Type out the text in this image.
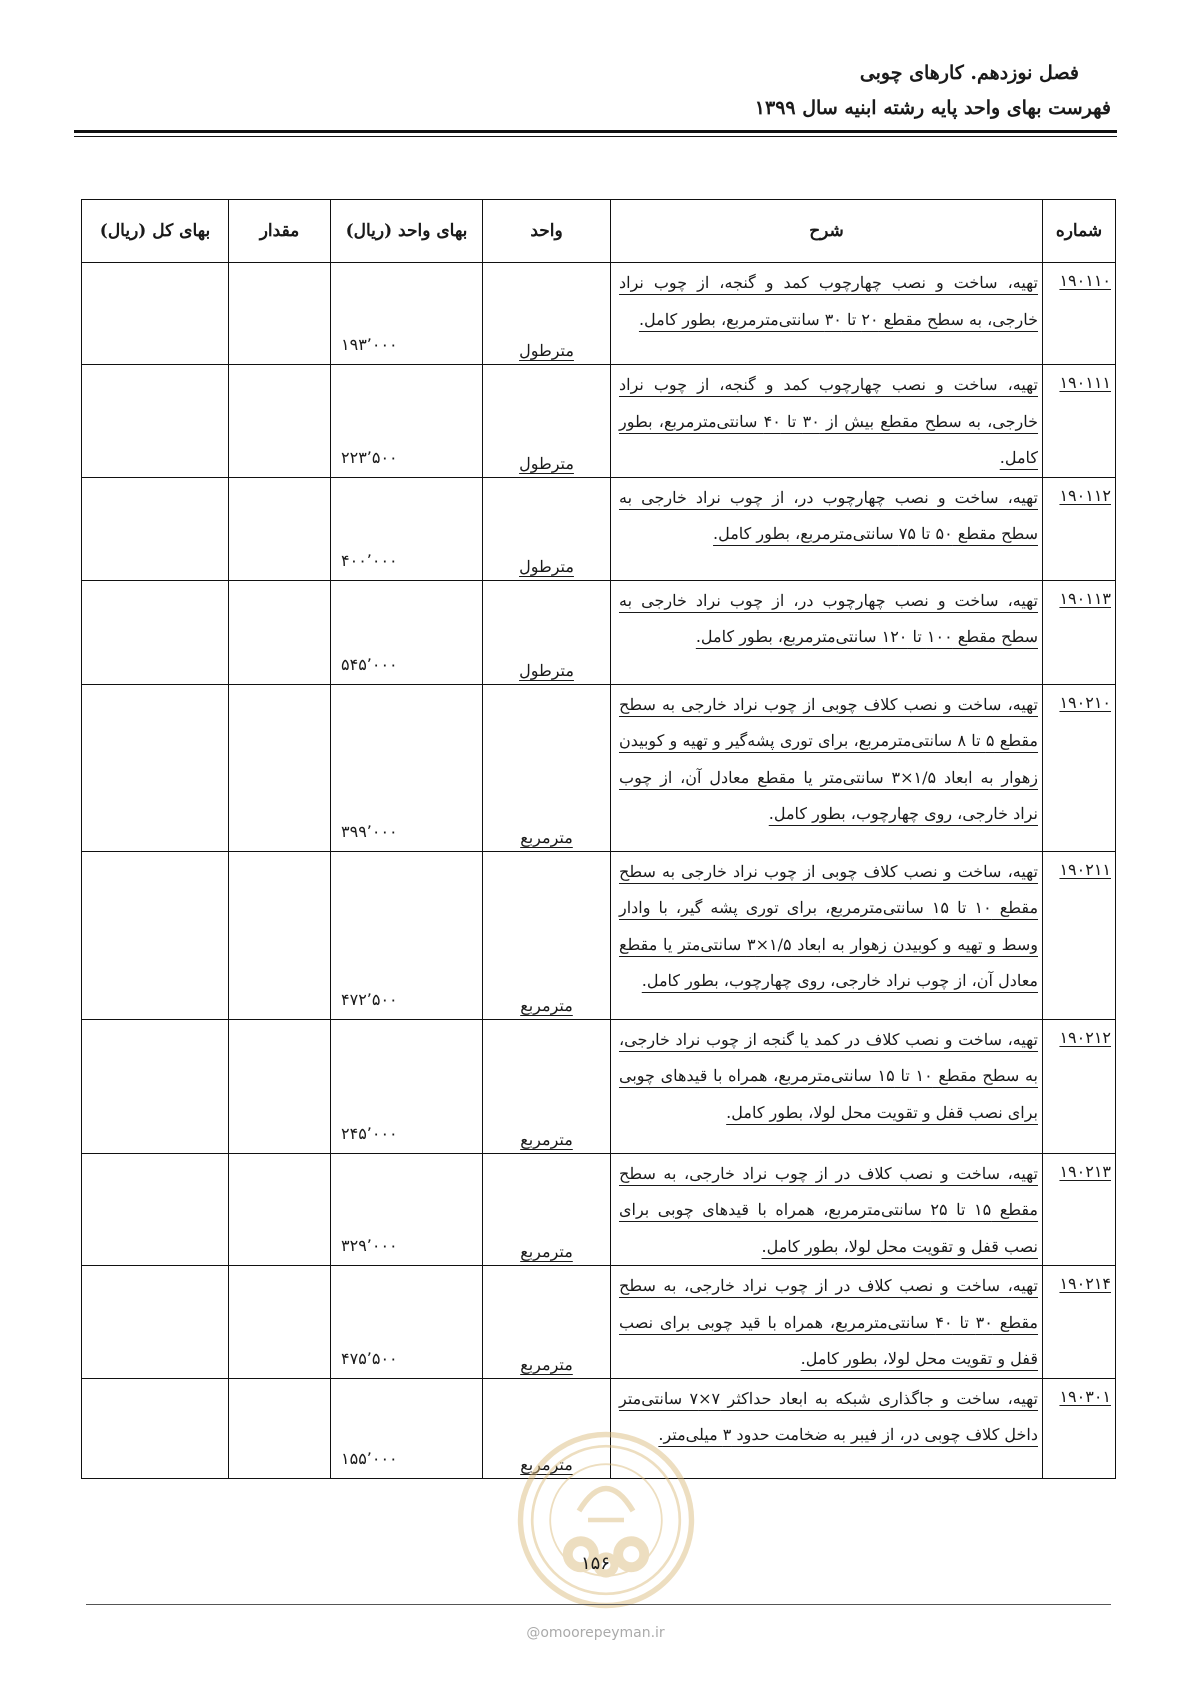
فصل نوزدهم. کارهای چوبی
فهرست بهای واحد پایه رشته ابنیه سال ۱۳۹۹
شماره	شرح	واحد	بهای واحد (ریال)	مقدار	بهای کل (ریال)
۱۹۰۱۱۰	تهیه، ساخت و نصب چهارچوب کمد و گنجه، از چوب نراد خارجی، به سطح مقطع ۲۰ تا ۳۰ سانتی‌مترمربع، بطور کامل.	مترطول	۱۹۳٬۰۰۰		
۱۹۰۱۱۱	تهیه، ساخت و نصب چهارچوب کمد و گنجه، از چوب نراد خارجی، به سطح مقطع بیش از ۳۰ تا ۴۰ سانتی‌مترمربع، بطور کامل.	مترطول	۲۲۳٬۵۰۰		
۱۹۰۱۱۲	تهیه، ساخت و نصب چهارچوب در، از چوب نراد خارجی به سطح مقطع ۵۰ تا ۷۵ سانتی‌مترمربع، بطور کامل.	مترطول	۴۰۰٬۰۰۰		
۱۹۰۱۱۳	تهیه، ساخت و نصب چهارچوب در، از چوب نراد خارجی به سطح مقطع ۱۰۰ تا ۱۲۰ سانتی‌مترمربع، بطور کامل.	مترطول	۵۴۵٬۰۰۰		
۱۹۰۲۱۰	تهیه، ساخت و نصب کلاف چوبی از چوب نراد خارجی به سطح مقطع ۵ تا ۸ سانتی‌مترمربع، برای توری پشه‌گیر و تهیه و کوبیدن زهوار به ابعاد ۱/۵×۳ سانتی‌متر یا مقطع معادل آن، از چوب نراد خارجی، روی چهارچوب، بطور کامل.	مترمربع	۳۹۹٬۰۰۰		
۱۹۰۲۱۱	تهیه، ساخت و نصب کلاف چوبی از چوب نراد خارجی به سطح مقطع ۱۰ تا ۱۵ سانتی‌مترمربع، برای توری پشه گیر، با وادار وسط و تهیه و کوبیدن زهوار به ابعاد ۱/۵×۳ سانتی‌متر یا مقطع معادل آن، از چوب نراد خارجی، روی چهارچوب، بطور کامل.	مترمربع	۴۷۲٬۵۰۰		
۱۹۰۲۱۲	تهیه، ساخت و نصب کلاف در کمد یا گنجه از چوب نراد خارجی، به سطح مقطع ۱۰ تا ۱۵ سانتی‌مترمربع، همراه با قیدهای چوبی برای نصب قفل و تقویت محل لولا، بطور کامل.	مترمربع	۲۴۵٬۰۰۰		
۱۹۰۲۱۳	تهیه، ساخت و نصب کلاف در از چوب نراد خارجی، به سطح مقطع ۱۵ تا ۲۵ سانتی‌مترمربع، همراه با قیدهای چوبی برای نصب قفل و تقویت محل لولا، بطور کامل.	مترمربع	۳۲۹٬۰۰۰		
۱۹۰۲۱۴	تهیه، ساخت و نصب کلاف در از چوب نراد خارجی، به سطح مقطع ۳۰ تا ۴۰ سانتی‌مترمربع، همراه با قید چوبی برای نصب قفل و تقویت محل لولا، بطور کامل.	مترمربع	۴۷۵٬۵۰۰		
۱۹۰۳۰۱	تهیه، ساخت و جاگذاری شبکه به ابعاد حداکثر ۷×۷ سانتی‌متر داخل کلاف چوبی در، از فیبر به ضخامت حدود ۳ میلی‌متر.	مترمربع	۱۵۵٬۰۰۰		
۱۵۶
@omoorepeyman.ir
